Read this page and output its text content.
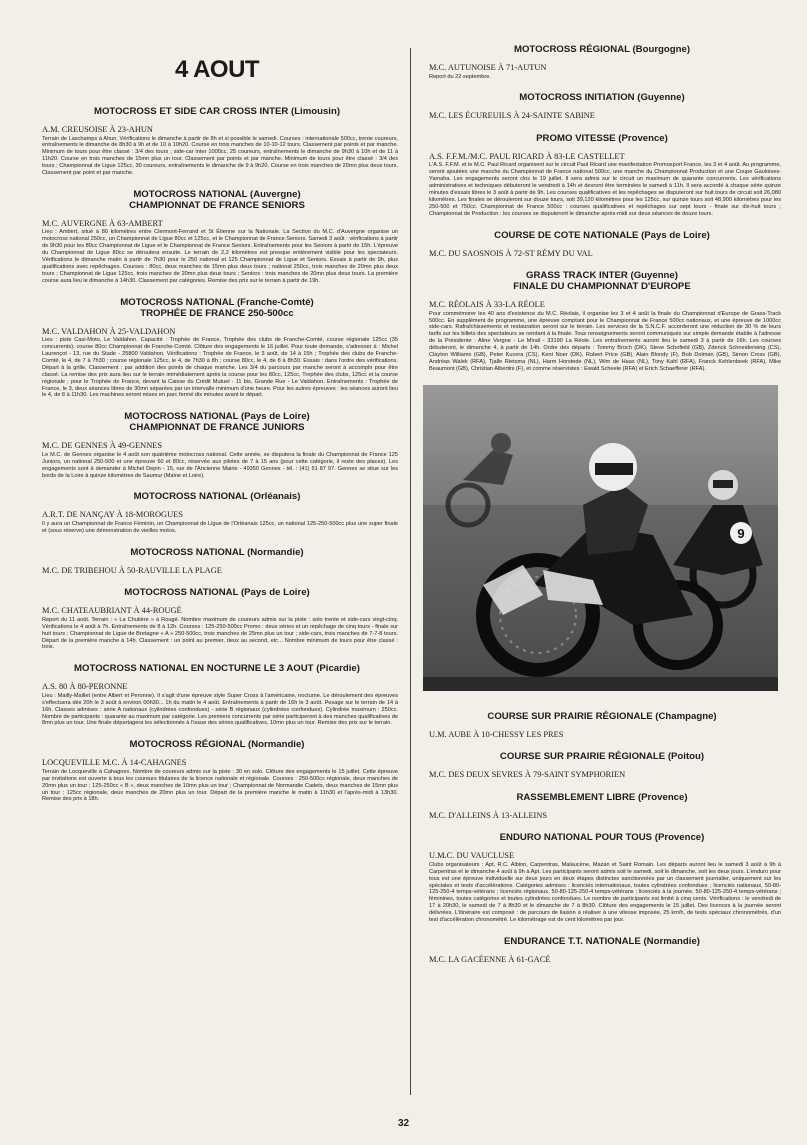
4 AOUT
MOTOCROSS ET SIDE CAR CROSS INTER (Limousin)
A.M. CREUSOISE À 23-AHUN
Terrain de Laschamps à Ahun. Vérifications le dimanche à partir de 8h et si possible le samedi. Courses : internationale 500cc, trente coureurs, entraînements le dimanche de 8h30 à 9h et de 10 à 10h20. Course en trois manches de 10-10-12 tours. Classement par points et par manche. Minimum de tours pour être classé : 3/4 des tours ; side-car inter 1000cc, 25 coureurs, entraînements le dimanche de 9h30 à 10h et de 11 à 11h20. Course en trois manches de 15mn plus un tour. Classement par points et par manche. Minimum de tours pour être classé : 3/4 des tours ; Championnat de Ligue 125cc, 30 coureurs, entraînements le dimanche de 9 à 9h20. Course en trois manches de 20mn plus deux tours. Classement par point et par manche.
MOTOCROSS NATIONAL (Auvergne)
CHAMPIONNAT DE FRANCE SENIORS
M.C. AUVERGNE À 63-AMBERT
Lieu : Ambert, situé à 80 kilomètres entre Clermont-Ferrand et St Étienne sur la Nationale. La Section du M.C. d'Auvergne organise un motocross national 250cc, un Championnat de Ligue 80cc et 125cc, et le Championnat de France Seniors. Samedi 3 août : vérifications à partir de 9h30 pour les 80cc Championnat de Ligue et le Championnat de France Seniors. Entraînements pour les Seniors à partir de 15h. L'épreuve du Championnat de Ligue 80cc se déroulera ensuite. Le terrain de 2,2 kilomètres est presque entièrement visible pour les spectateurs. Vérifications le dimanche matin à partir de 7h30 pour le 250 national et 125 Championnat de Ligue et Seniors. Essais à partir de 9h, plus qualifications avec repêchages. Courses : 80cc, deux manches de 15mn plus deux tours ; national 250cc, trois manches de 20mn plus deux tours ; Championnat de Ligue 125cc, trois manches de 20mn plus deux tours ; Seniors : trois manches de 20mn plus deux tours. La première course aura lieu le dimanche à 14h30. Classement par catégories. Remise des prix sur le terrain à partir de 19h.
MOTOCROSS NATIONAL (Franche-Comté)
TROPHÉE DE FRANCE 250-500cc
M.C. VALDAHON À 25-VALDAHON
Lieu : piste Casi-Moto, Le Valdahon. Capacité : Trophée de France, Trophée des clubs de Franche-Comté, course régionale 125cc (35 concurrents), course 80cc Championnat de Franche-Comté. Clôture des engagements le 16 juillet. Pour toute demande, s'adresser à : Michel Laurençot - 13, rue du Stade - 25800 Valdahon. Vérifications : Trophée de France, le 3 août, de 14 à 15h ; Trophée des clubs de Franche-Comté, le 4, de 7 à 7h30 ; course régionale 125cc, le 4, de 7h30 à 8h ; course 80cc, le 4, de 8 à 8h30. Essais : dans l'ordre des vérifications. Départ à la grille. Classement : par addition des points de chaque manche. Les 3/4 du parcours par manche seront à accomplir pour être classé. La remise des prix aura lieu sur le terrain immédiatement après la course pour les 80cc, 125cc, Trophée des clubs, 125cc et la course régionale ; pour le Trophée de France, devant la Caisse du Crédit Mutuel - 11 bis, Grande Rue - Le Valdahon. Entraînements : Trophée de France, le 3, deux séances libres de 30mn séparées par un intervalle minimum d'une heure. Pour les autres épreuves : les séances auront lieu le 4, de 8 à 11h30. Les machines seront mises en parc fermé dix minutes avant le départ.
MOTOCROSS NATIONAL (Pays de Loire)
CHAMPIONNAT DE FRANCE JUNIORS
M.C. DE GENNES À 49-GENNES
Le M.C. de Gennes organise le 4 août son quatrième motocross national. Cette année, se disputera la finale du Championnat de France 125 Juniors, un national 250-500 et une épreuve 60 et 80cc, réservée aux pilotes de 7 à 15 ans (pour cette catégorie, il reste des places). Les engagements sont à demander à Michel Depin - 15, rue de l'Ancienne Mairie - 49350 Gennes - tél. : (41) 51 87 97. Gennes se situe sur les bords de la Loire à quinze kilomètres de Saumur (Maine et Loire).
MOTOCROSS NATIONAL (Orléanais)
A.R.T. DE NANÇAY À 18-MOROGUES
Il y aura un Championnat de France Féminin, un Championnat de Ligue de l'Orléanais 125cc, un national 125-250-500cc plus une super finale et (sous réserve) une démonstration de vieilles motos.
MOTOCROSS NATIONAL (Normandie)
M.C. DE TRIBEHOU À 50-RAUVILLE LA PLAGE
MOTOCROSS NATIONAL (Pays de Loire)
M.C. CHATEAUBRIANT À 44-ROUGÉ
Report du 11 août. Terrain : « La Chutière » à Rougé. Nombre maximum de coureurs admis sur la piste : solo trente et side-cars vingt-cinq. Vérifications le 4 août à 7h. Entraînements de 8 à 12h. Courses : 125-250-500cc Promo : deux séries et un repêchage de cinq tours - finale sur huit tours ; Championnat de Ligue de Bretagne « A » 250-500cc, trois manches de 25mn plus un tour ; side-cars, trois manches de 7-7-8 tours. Départ de la première manche à 14h. Classement : un point au premier, deux au second, etc... Nombre minimum de tours pour être classé : trois.
MOTOCROSS NATIONAL EN NOCTURNE LE 3 AOUT (Picardie)
A.S. 80 À 80-PERONNE
Lieu : Mailly-Maillet (entre Albert et Peronne). Il s'agit d'une épreuve style Super Cross à l'américaine, nocturne. Le déroulement des épreuves s'effectuera dès 20h le 3 août à environ 00h30... 1h du matin le 4 août. Entraînements à partir de 16h le 3 août. Pesage sur le terrain de 14 à 16h. Classes admises : série A nationaux (cylindrées confondues) - série B régionaux (cylindrées confondues). Cylindrée maximum : 250cc. Nombre de participants : quarante au maximum par catégorie. Les premiers concurrents par série participeront à des manches qualificatives de 8mn plus un tour. Une finale départagera les sélectionnés à l'issue des séries qualificatives, 10mn plus un tour. Remise des prix sur le terrain.
MOTOCROSS RÉGIONAL (Normandie)
LOCQUEVILLE M.C. À 14-CAHAGNES
Terrain de Locqueville à Cahagnes. Nombre de coureurs admis sur la piste : 30 en solo. Clôture des engagements le 15 juillet. Cette épreuve par invitations est ouverte à tous les coureurs titulaires de la licence nationale et régionale. Courses : 250-500cc régionale, deux manches de 20mn plus un tour ; 125-250cc « B », deux manches de 10mn plus un tour ; Championnat de Normandie Cadets, deux manches de 15mn plus un tour ; 125cc régionale, deux manches de 20mn plus un tour. Départ de la première manche le matin à 11h30 et l'après-midi à 13h30. Remise des prix à 18h.
MOTOCROSS RÉGIONAL (Bourgogne)
M.C. AUTUNOISE À 71-AUTUN
Report du 22 septembre.
MOTOCROSS INITIATION (Guyenne)
M.C. LES ÉCUREUILS À 24-SAINTE SABINE
PROMO VITESSE (Provence)
A.S. F.F.M./M.C. PAUL RICARD À 83-LE CASTELLET
L'A.S. F.F.M. et le M.C. Paul Ricard organisent sur le circuit Paul Ricard une manifestation Promosport France, les 3 et 4 août. Au programme, seront ajoutées une manche du Championnat de France national 500cc, une manche du Championnat Production et une Coupe Gauloises-Yamaha. Les engagements seront clos le 19 juillet. Il sera admis sur le circuit un maximum de quarante concurrents. Les vérifications administratives et techniques débuteront le vendredi à 14h et devront être terminées le samedi à 11h. Il sera accordé à chaque série quinze minutes d'essais libres le 3 août à partir de 9h. Les courses qualificatives et les repêchages se disputeront sur huit tours de circuit soit 26,080 kilomètres. Les finales se dérouleront sur douze tours, soit 39,120 kilomètres pour les 125cc, sur quinze tours soit 48,900 kilomètres pour les 250-500 et 750cc. Championnat de France 500cc : courses qualificatives et repêchages sur sept tours - finale sur dix-huit tours ; Championnat de Production : les courses se disputeront le dimanche après-midi sur deux séances de douze tours.
COURSE DE COTE NATIONALE (Pays de Loire)
M.C. DU SAOSNOIS À 72-ST RÉMY DU VAL
GRASS TRACK INTER (Guyenne)
FINALE DU CHAMPIONNAT D'EUROPE
M.C. RÉOLAIS À 33-LA RÉOLE
Pour commémorer les 40 ans d'existence du M.C. Réolais, il organise les 3 et 4 août la finale du Championnat d'Europe de Grass-Track 500cc. En supplément de programme, une épreuve comptant pour le Championnat de France 500cc nationaux, et une épreuve de 1000cc side-cars. Rafraîchissements et restauration seront sur le terrain. Les services de la S.N.C.F. accorderont une réduction de 30 % de leurs tarifs sur les billets des spectateurs se rendant à la finale. Tous renseignements seront communiqués sur simple demande établie à l'adresse de la Présidente : Aline Vergne - Le Mirail - 33190 La Réole. Les entraînements auront lieu le samedi 3 à partir de 16h. Les courses débuteront, le dimanche 4, à partir de 14h. Ordre des départs : Tommy Broch (DK), Steve Schofield (GB), Zdenck Schneiderwing (CS), Clayton Williams (GB), Peter Kucera (CS), Kent Noer (DK), Robert Price (GB), Alain Blondy (F), Bob Dolman (GB), Simon Cross (GB), Andréas Walek (RFA), Tjalle Rietsma (NL), Harm Horstede (NL), Wim de Haas (NL), Tony Kahl (RFA), Franck Kehlenbeek (RFA), Mike Beaumont (GB), Christian Albertini (F), et comme réservistes : Ewald Scheele (RFA) et Erich Schaefferer (RFA).
9
COURSE SUR PRAIRIE RÉGIONALE (Champagne)
U.M. AUBE À 10-CHESSY LES PRES
COURSE SUR PRAIRIE RÉGIONALE (Poitou)
M.C. DES DEUX SEVRES À 79-SAINT SYMPHORIEN
RASSEMBLEMENT LIBRE (Provence)
M.C. D'ALLEINS À 13-ALLEINS
ENDURO NATIONAL POUR TOUS (Provence)
U.M.C. DU VAUCLUSE
Clubs organisateurs : Apt, R.C. Albion, Carpentras, Malaucène, Mazan et Saint Romain. Les départs auront lieu le samedi 3 août à 9h à Carpentras et le dimanche 4 août à 9h à Apt. Les participants seront admis soit le samedi, soit le dimanche, soit les deux jours. L'enduro pour tous est une épreuve individuelle sur deux jours en deux étapes distinctes sanctionnées par un classement journalier, uniquement sur les spéciales et tests d'accélérations. Catégories admises : licenciés internationaux, toutes cylindrées confondues ; licenciés nationaux, 50-80-125-250-4 temps-vétérans ; licenciés régionaux, 50-80-125-250-4 temps-vétérans ; licenciés à la journée, 50-80-125-250-4 temps-vétérans ; féminines, toutes catégories et toutes cylindrées confondues. Le nombre de participants est limité à cinq cents. Vérifications : le vendredi de 17 à 20h30, le samedi de 7 à 8h30 et le dimanche de 7 à 8h30. Clôture des engagements le 15 juillet. Des licences à la journée seront délivrées. L'itinéraire est composé : de parcours de liaison à réaliser à une vitesse imposée, 25 km/h, de tests spéciaux chronométrés, d'un test d'accélération chronométré. Le kilométrage est de cent kilomètres par jour.
ENDURANCE T.T. NATIONALE (Normandie)
M.C. LA GACÉENNE À 61-GACÉ
32
